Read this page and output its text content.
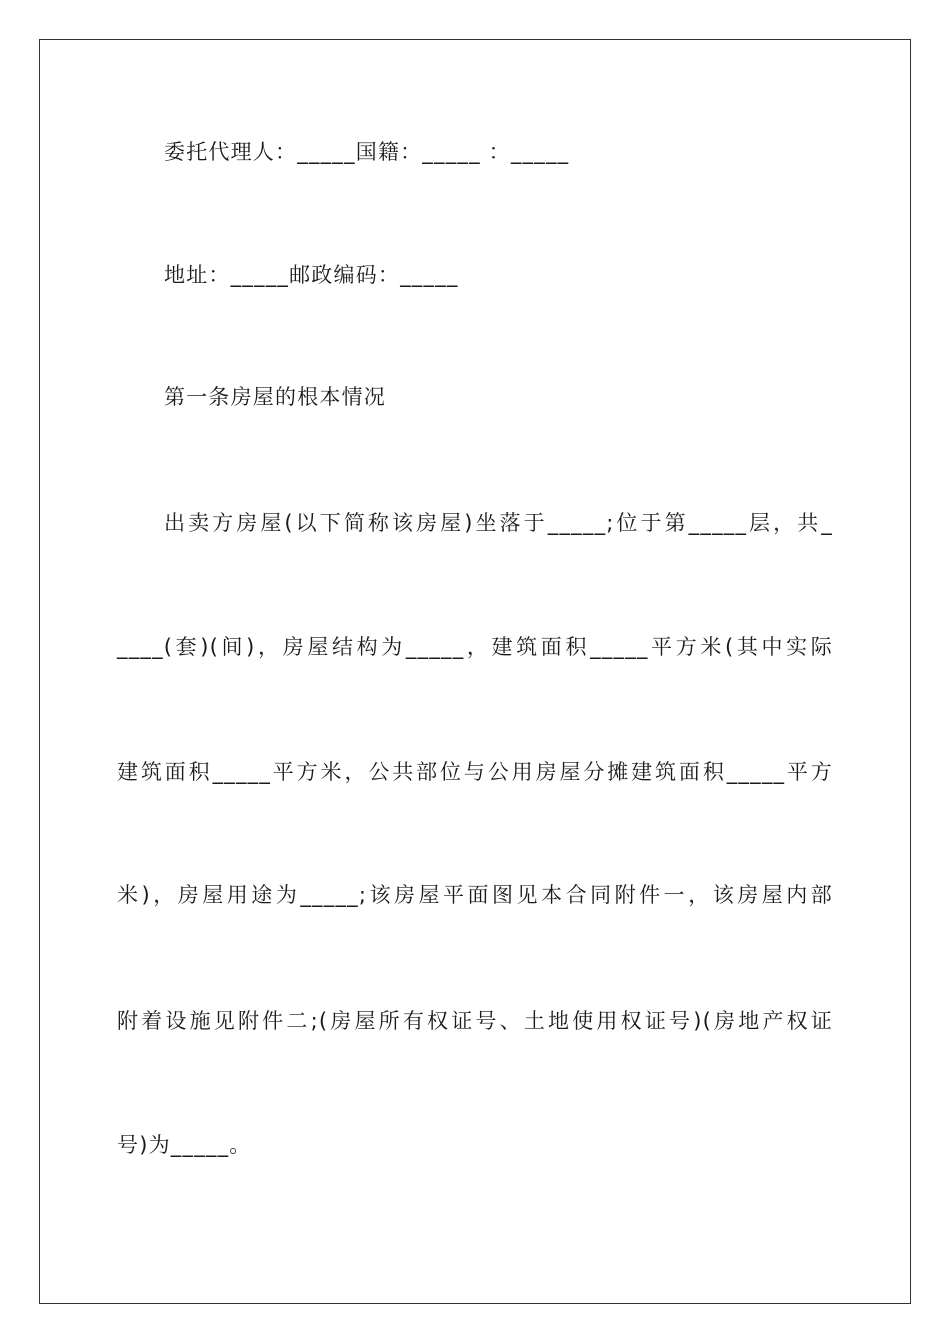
委托代理人：_____国籍：_____ ：_____
地址：_____邮政编码：_____
第一条房屋的根本情况
出卖方房屋(以下简称该房屋)坐落于_____;位于第_____层，共_
____(套)(间)，房屋结构为_____，建筑面积_____平方米(其中实际
建筑面积_____平方米，公共部位与公用房屋分摊建筑面积_____平方
米)，房屋用途为_____;该房屋平面图见本合同附件一，该房屋内部
附着设施见附件二;(房屋所有权证号、土地使用权证号)(房地产权证
号)为_____。
